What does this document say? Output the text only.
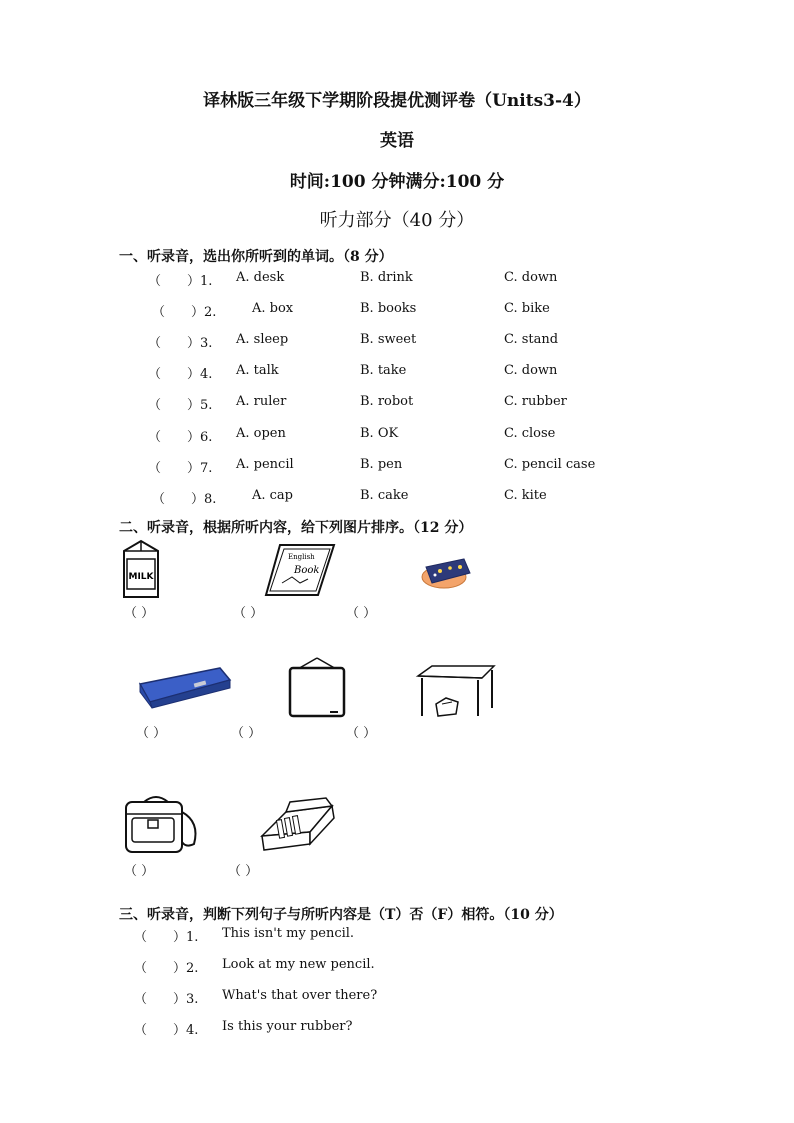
译林版三年级下学期阶段提优测评卷（Units3-4）
英语
时间:100 分钟满分:100 分
听力部分（40 分）
一、听录音，选出你所听到的单词。（8 分）
（　　）1. A. desk	B. drink	C. down
（　　）2.	A. box	B. books	C. bike
（　　）3. A. sleep	B. sweet	C. stand
（　　）4. A. talk	B. take	C. down
（　　）5. A. ruler	B. robot	C. rubber
（　　）6. A. open	B. OK	C. close
（　　）7. A. pencil	B. pen	C. pencil case
（　　）8.	A. cap	B. cake	C. kite
二、听录音，根据所听内容，给下列图片排序。（12 分）
MILK
English
Book
（ ）	（ ）	（ ）
（ ）	（ ）	（ ）
（ ）	（ ）
三、听录音，判断下列句子与所听内容是（T）否（F）相符。（10 分）
（　　）1. This isn't my pencil.
（　　）2. Look at my new pencil.
（　　）3. What's that over there?
（　　）4. Is this your rubber?
